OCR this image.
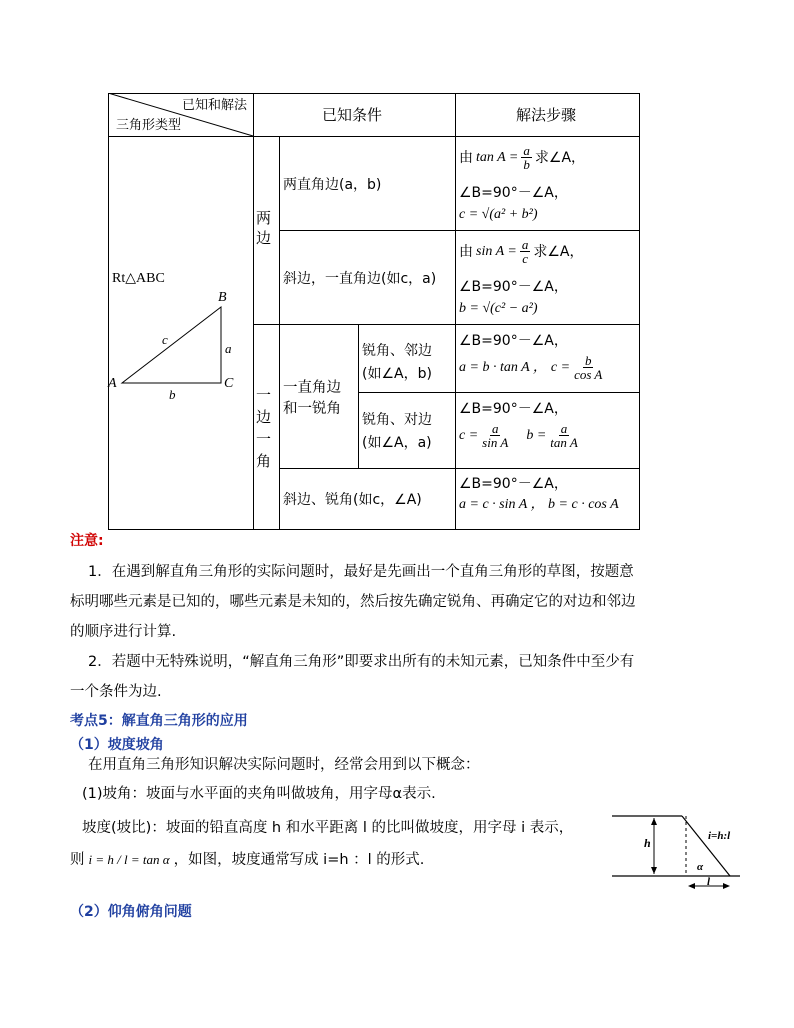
已知和解法
三角形类型
已知条件	解法步骤
Rt△ABC
A
B
C
c
a
b
两边
一边一角
两直角边(a，b)
由 $\tan A = \frac{a}{b}$ 求∠A，
∠B=90°－∠A，
c = √(a² + b²)
斜边，一直角边(如c，a)
由 $\sin A = \frac{a}{c}$ 求∠A，
∠B=90°－∠A，
b = √(c² − a²)
一直角边和一锐角
锐角、邻边(如∠A，b)
∠B=90°－∠A，
a = b · tan A ， $c = \frac{b}{\text{cos A}}$
锐角、对边(如∠A，a)
∠B=90°－∠A，
$c = \frac{a}{\text{sin A}}$ $b = \frac{a}{\text{tan A}}$
斜边、锐角(如c，∠A)
∠B=90°－∠A，
a = c · sin A ， b = c · cos A
注意:
1．在遇到解直角三角形的实际问题时，最好是先画出一个直角三角形的草图，按题意
标明哪些元素是已知的，哪些元素是未知的，然后按先确定锐角、再确定它的对边和邻边
的顺序进行计算.
2．若题中无特殊说明，“解直角三角形”即要求出所有的未知元素，已知条件中至少有
一个条件为边.
考点5：解直角三角形的应用
（1）坡度坡角
在用直角三角形知识解决实际问题时，经常会用到以下概念：
(1)坡角：坡面与水平面的夹角叫做坡角，用字母α表示.
坡度(坡比)：坡面的铅直高度 h 和水平距离 l 的比叫做坡度，用字母 i 表示，
则 i = h / l = tan α ，如图，坡度通常写成 i=h ：l 的形式.
h	i=h:l
α
l
（2）仰角俯角问题
